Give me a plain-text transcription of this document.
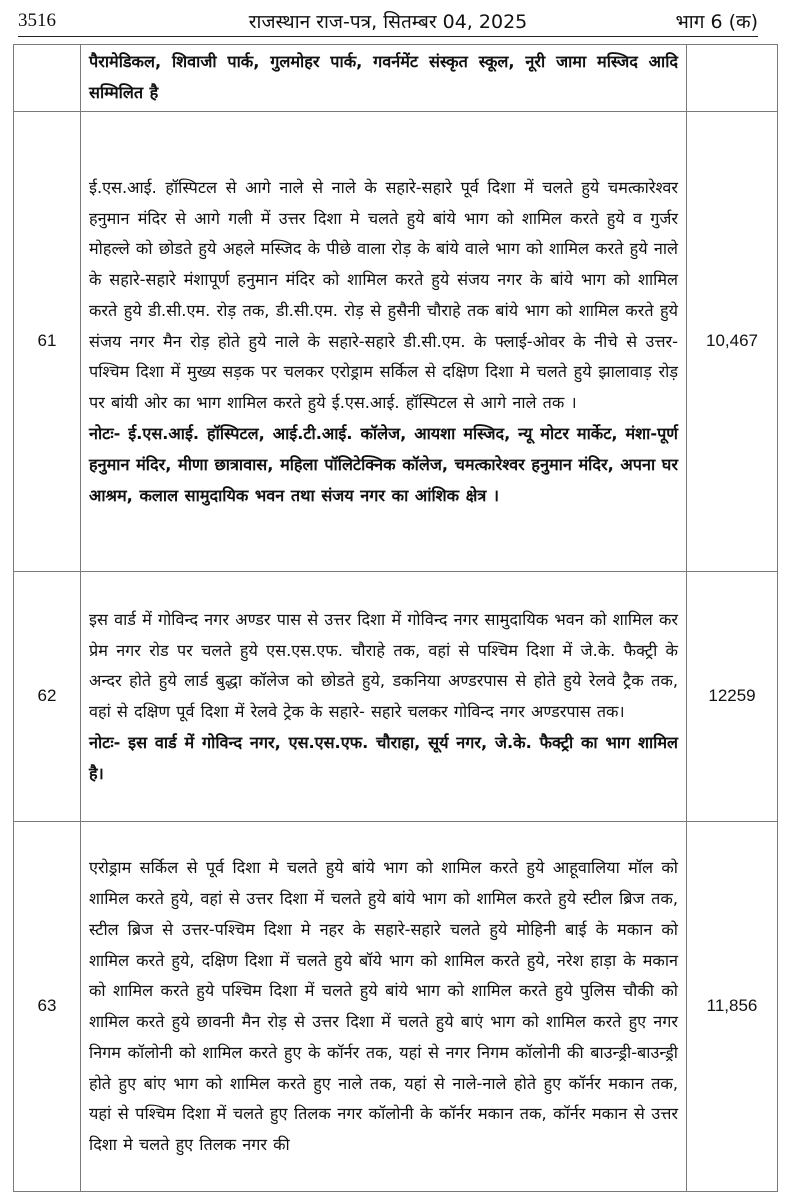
3516	राजस्थान राज-पत्र, सितम्बर 04, 2025	भाग 6 (क)

	पैरामेडिकल, शिवाजी पार्क, गुलमोहर पार्क, गवर्नमेंट संस्कृत स्कूल, नूरी जामा मस्जिद आदि सम्मिलित है	

61	ई.एस.आई. हॉस्पिटल से आगे नाले से नाले के सहारे-सहारे पूर्व दिशा में चलते हुये चमत्कारेश्वर हनुमान मंदिर से आगे गली में उत्तर दिशा मे चलते हुये बांये भाग को शामिल करते हुये व गुर्जर मोहल्ले को छोडते हुये अहले मस्जिद के पीछे वाला रोड़ के बांये वाले भाग को शामिल करते हुये नाले के सहारे-सहारे मंशापूर्ण हनुमान मंदिर को शामिल करते हुये संजय नगर के बांये भाग को शामिल करते हुये डी.सी.एम. रोड़ तक, डी.सी.एम. रोड़ से हुसैनी चौराहे तक बांये भाग को शामिल करते हुये संजय नगर मैन रोड़ होते हुये नाले के सहारे-सहारे डी.सी.एम. के फ्लाई-ओवर के नीचे से उत्तर-पश्चिम दिशा में मुख्य सड़क पर चलकर एरोड्राम सर्किल से दक्षिण दिशा मे चलते हुये झालावाड़ रोड़ पर बांयी ओर का भाग शामिल करते हुये ई.एस.आई. हॉस्पिटल से आगे नाले तक ।

नोटः- ई.एस.आई. हॉस्पिटल, आई.टी.आई. कॉलेज, आयशा मस्जिद, न्यू मोटर मार्केट, मंशा-पूर्ण हनुमान मंदिर, मीणा छात्रावास, महिला पॉलिटेक्निक कॉलेज, चमत्कारेश्वर हनुमान मंदिर, अपना घर आश्रम, कलाल सामुदायिक भवन तथा संजय नगर का आंशिक क्षेत्र ।	10,467
62	इस वार्ड में गोविन्द नगर अण्डर पास से उत्तर दिशा में गोविन्द नगर सामुदायिक भवन को शामिल कर प्रेम नगर रोड पर चलते हुये एस.एस.एफ. चौराहे तक, वहां से पश्चिम दिशा में जे.के. फैक्ट्री के अन्दर होते हुये लार्ड बुद्धा कॉलेज को छोडते हुये, डकनिया अण्डरपास से होते हुये रेलवे ट्रैक तक, वहां से दक्षिण पूर्व दिशा में रेलवे ट्रेक के सहारे- सहारे चलकर गोविन्द नगर अण्डरपास तक।

नोटः- इस वार्ड में गोविन्द नगर, एस.एस.एफ. चौराहा, सूर्य नगर, जे.के. फैक्ट्री का भाग शामिल है।	12259
63	एरोड्राम सर्किल से पूर्व दिशा मे चलते हुये बांये भाग को शामिल करते हुये आहूवालिया मॉल को शामिल करते हुये, वहां से उत्तर दिशा में चलते हुये बांये भाग को शामिल करते हुये स्टील ब्रिज तक, स्टील ब्रिज से उत्तर-पश्चिम दिशा मे नहर के सहारे-सहारे चलते हुये मोहिनी बाई के मकान को शामिल करते हुये, दक्षिण दिशा में चलते हुये बॉये भाग को शामिल करते हुये, नरेश हाड़ा के मकान को शामिल करते हुये पश्चिम दिशा में चलते हुये बांये भाग को शामिल करते हुये पुलिस चौकी को शामिल करते हुये छावनी मैन रोड़ से उत्तर दिशा में चलते हुये बाएं भाग को शामिल करते हुए नगर निगम कॉलोनी को शामिल करते हुए के कॉर्नर तक, यहां से नगर निगम कॉलोनी की बाउन्ड्री-बाउन्ड्री होते हुए बांए भाग को शामिल करते हुए नाले तक, यहां से नाले-नाले होते हुए कॉर्नर मकान तक, यहां से पश्चिम दिशा में चलते हुए तिलक नगर कॉलोनी के कॉर्नर मकान तक, कॉर्नर मकान से उत्तर दिशा मे चलते हुए तिलक नगर की	11,856
